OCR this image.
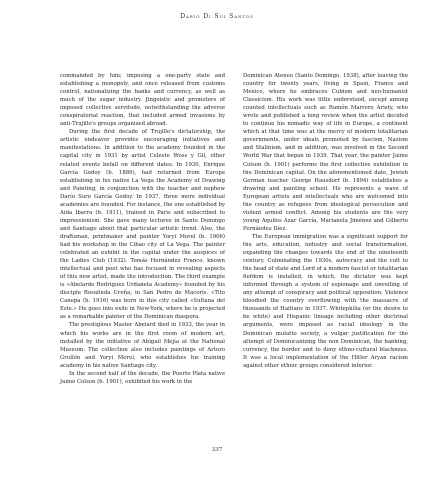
Darío Di Sui Santos

commanded by him; imposing a one-party state and establishing a monopoly, and once released from customs control, nationalizing the banks and currency, as well as much of the sugar industry. Jingoistic and promoters of imposed collective servitude, notwithstanding the adverse conspiratorial reaction, that included armed invasions by anti-Trujillo's groups organized abroad.

During the first decade of Trujillo's dictatorship, the artistic endeavor provides encouraging initiatives and manifestations. In addition to the academy founded in the capital city in 1931 by artist Celeste Woss y Gil, other related events befall on different dates. In 1930, Enrique García Godoy (b. 1886), had returned from Europe establishing in his native La Vega the Academy of Drawing and Painting, in conjunction with the teacher and nephew Darío Suro García Godoy. In 1937, three more individual academies are founded. For instance, the one established by Aida Ibarra (b. 1911), trained in Paris and subscribed to impressionism. She gave many lectures in Santo Domingo and Santiago about that particular artistic trend. Also, the draftsman, printmaker and painter Yoryi Morel (b. 1906) had his workshop in the Cibao city of La Vega. The painter celebrated an exhibit in the capital under the auspices of the Ladies Club (1932). Tomás Hernández Franco, known intellectual and poet who has focused in revealing aspects of this new artist, made the introduction. The third example is «Abelardo Rodríguez Urdaneta Academy» founded by his disciple Rosalinda Ureña, in San Pedro de Macorís. «Tito Canepa (b. 1916) was born in this city called «Sultana del Este.» He goes into exile in New-York, where he is projected as a remarkable painter of the Dominican diaspora.

The prestigious Master Abelard died in 1933, the year in which his works are in the first room of modern art, installed by the initiative of Abigail Mejía at the National Museum. The collection also includes paintings of Arturo Grullón and Yoryi Morel, who establishes his training academy in his native Santiago city.

In the second half of the decade, the Puerto Plata native Jaime Colson (b. 1901), exhibited his work in the

Dominican Ateneo (Santo Domingo, 1938), after leaving the country for twenty years, living in Spain, France and Mexico, where he embraces Cubism and neo-humanist Classicism. His work was little understood, except among counted intellectuals such as Ramón Marrero Aristy, who wrote and published a long review when the artist decided to continue his nomadic way of life in Europe, a continent which at that time was at the mercy of modern totalitarian governments, under ideals promoted by fascism, Nazism and Stalinism, and in addition, was involved in the Second World War that began in 1939. That year, the painter Jaime Colson (b. 1901) performs the first collective exhibition in the Dominican capital. On the aforementioned date, Jewish German teacher George Hausdorf (b. 1894) establishes a drawing and painting school. He represents a wave of European artists and intellectuals who are welcomed into the country as refugees from ideological persecution and violent armed conflict. Among his students are the very young Aquiles Azar García, Marianela Jiménez and Gilberto Fernández Díez.

The European immigration was a significant support for the arts, education, industry and social transformation, expanding the changes towards the end of the nineteenth century. Culminating the 1930s, autocracy and the cult to the head of state and Lord of a modern fascist or totalitarian fiefdom is installed, in which, the dictator was kept informed through a system of espionage and unveiling of any attempt of conspiracy and political opposition. Violence bloodied the country overflowing with the massacre of thousands of Haitians in 1937. Whitephilia (or the desire to be white) and Hispanic lineage including other doctrinal arguments, were imposed as racial ideology in the Dominican mulatto society, a vulgar justification for the attempt of Dominicanizing the non Dominican, the banking, currency, the border and to deny ethno-cultural blackness. It was a local implementation of the Hitler Aryan racism against other ethnic groups considered inferior.

337
